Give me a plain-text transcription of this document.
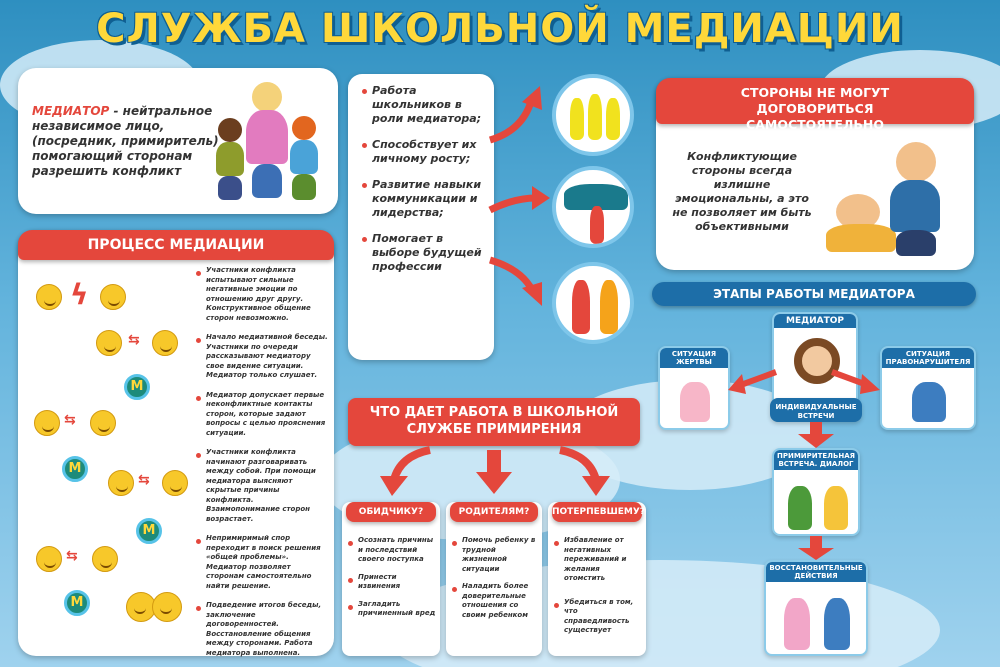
СЛУЖБА ШКОЛЬНОЙ МЕДИАЦИИ
МЕДИАТОР - нейтральное независимое лицо, (посредник, примиритель) помогающий сторонам разрешить конфликт
ПРОЦЕСС МЕДИАЦИИ
ϟ
⇆
М
⇆
М
⇆
М
⇆
М
Участники конфликта испытывают сильные негативные эмоции по отношению друг другу. Конструктивное общение сторон невозможно.
Начало медиативной беседы. Участники по очереди рассказывают медиатору свое видение ситуации. Медиатор только слушает.
Медиатор допускает первые неконфликтные контакты сторон, которые задают вопросы с целью прояснения ситуации.
Участники конфликта начинают разговаривать между собой. При помощи медиатора выясняют скрытые причины конфликта. Взаимопонимание сторон возрастает.
Непримиримый спор переходит в поиск решения «общей проблемы». Медиатор позволяет сторонам самостоятельно найти решение.
Подведение итогов беседы, заключение договоренностей. Восстановление общения между сторонами. Работа медиатора выполнена.
Работа школьников в роли медиатора;
Способствует их личному росту;
Развитие навыки коммуникации и лидерства;
Помогает в выборе будущей профессии
СТОРОНЫ НЕ МОГУТ ДОГОВОРИТЬСЯ САМОСТОЯТЕЛЬНО
Конфликтующие стороны всегда излишне эмоциональны, а это не позволяет им быть объективными
ЭТАПЫ РАБОТЫ МЕДИАТОРА
МЕДИАТОР
ИНДИВИДУАЛЬНЫЕ ВСТРЕЧИ
СИТУАЦИЯ ЖЕРТВЫ
СИТУАЦИЯ ПРАВОНАРУШИТЕЛЯ
ПРИМИРИТЕЛЬНАЯ ВСТРЕЧА. ДИАЛОГ
ВОССТАНОВИТЕЛЬНЫЕ ДЕЙСТВИЯ
ЧТО ДАЕТ РАБОТА В ШКОЛЬНОЙ СЛУЖБЕ ПРИМИРЕНИЯ
ОБИДЧИКУ?
Осознать причины и последствий своего поступка
Принести извинения
Загладить причиненный вред
РОДИТЕЛЯМ?
Помочь ребенку в трудной жизненной ситуации
Наладить более доверительные отношения со своим ребенком
ПОТЕРПЕВШЕМУ?
Избавление от негативных переживаний и желания отомстить
Убедиться в том, что справедливость существует
